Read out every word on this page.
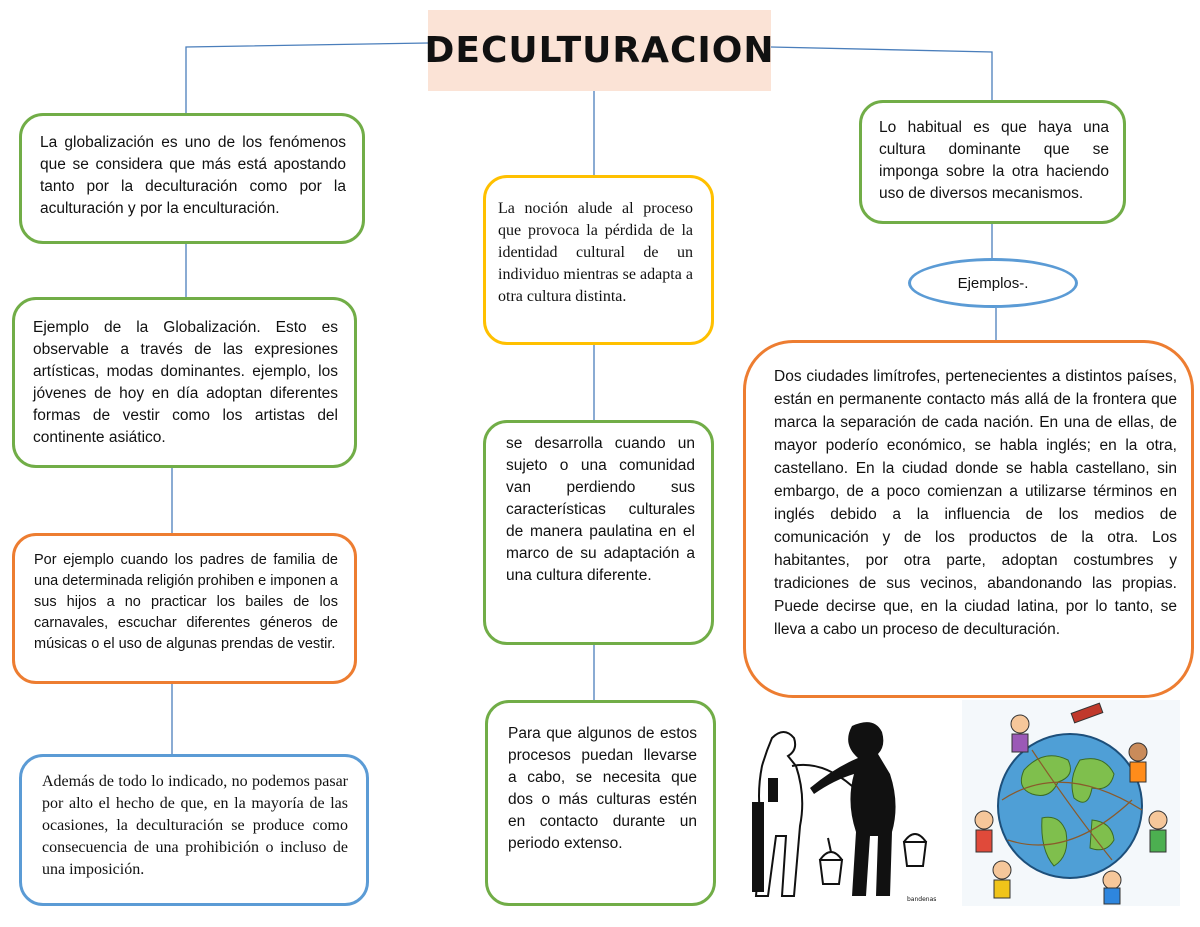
DECULTURACION
La globalización es uno de los fenómenos que se considera que más está apostando tanto por la deculturación como por la aculturación y por la enculturación.
Ejemplo de la Globalización. Esto es observable a través de las expresiones artísticas, modas dominantes. ejemplo, los jóvenes de hoy en día adoptan diferentes formas de vestir como los artistas del continente asiático.
Por ejemplo cuando los padres de familia de una determinada religión prohiben e imponen a sus hijos a no practicar los bailes de los carnavales, escuchar diferentes géneros de músicas o el uso de algunas prendas de vestir.
Además de todo lo indicado, no podemos pasar por alto el hecho de que, en la mayoría de las ocasiones, la deculturación se produce como consecuencia de una prohibición o incluso de una imposición.
La noción alude al proceso que provoca la pérdida de la identidad cultural de un individuo mientras se adapta a otra cultura distinta.
se desarrolla cuando un sujeto o una comunidad van perdiendo sus características culturales de manera paulatina en el marco de su adaptación a una cultura diferente.
Para que algunos de estos procesos puedan llevarse a cabo, se necesita que dos o más culturas estén en contacto durante un periodo extenso.
Lo habitual es que haya una cultura dominante que se imponga sobre la otra haciendo uso de diversos mecanismos.
Ejemplos-.
Dos ciudades limítrofes, pertenecientes a distintos países, están en permanente contacto más allá de la frontera que marca la separación de cada nación. En una de ellas, de mayor poderío económico, se habla inglés; en la otra, castellano. En la ciudad donde se habla castellano, sin embargo, de a poco comienzan a utilizarse términos en inglés debido a la influencia de los medios de comunicación y de los productos de la otra. Los habitantes, por otra parte, adoptan costumbres y tradiciones de sus vecinos, abandonando las propias. Puede decirse que, en la ciudad latina, por lo tanto, se lleva a cabo un proceso de deculturación.
bandenas
